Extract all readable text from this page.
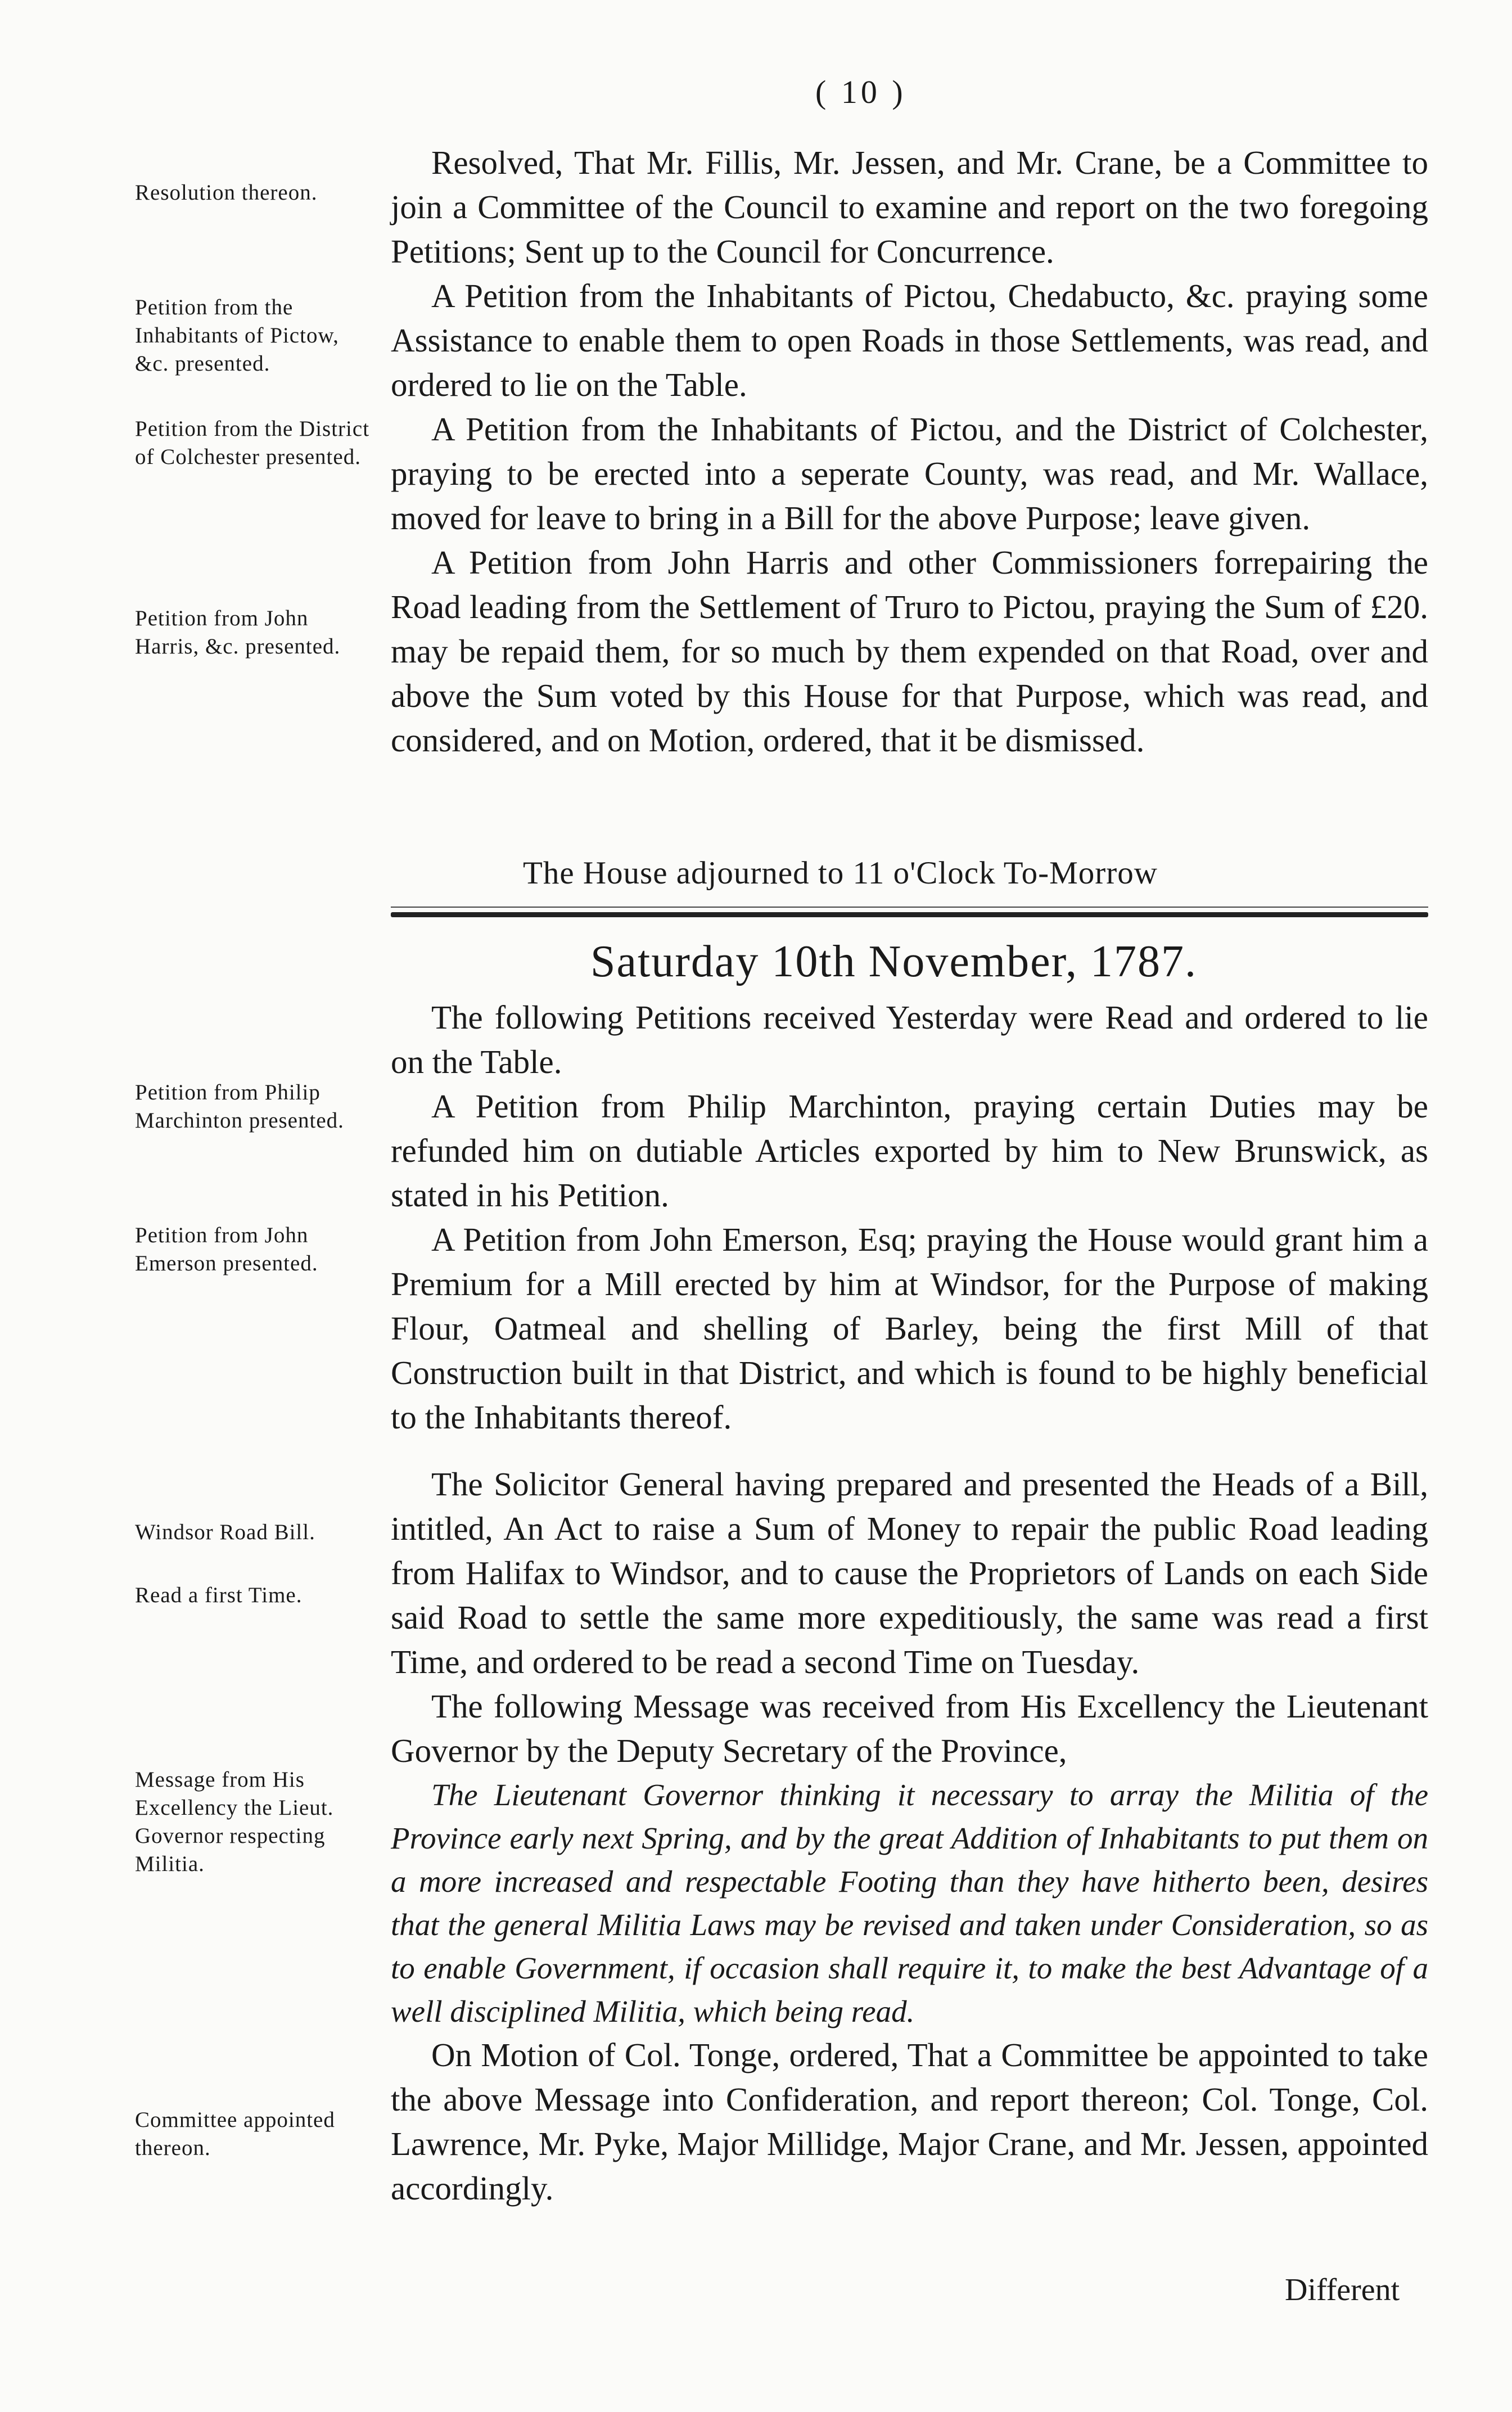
( 10 )
Resolution thereon.
Petition from the Inhabitants of Pictow, &c. presented.
Petition from the District of Colchester presented.
Petition from John Harris, &c. presented.
Petition from Philip Marchinton presented.
Petition from John Emerson presented.
Windsor Road Bill.
Read a first Time.
Message from His Excellency the Lieut. Governor respecting Militia.
Committee appointed thereon.

Resolved, That Mr. Fillis, Mr. Jessen, and Mr. Crane, be a Committee to join a Committee of the Council to examine and report on the two foregoing Petitions; Sent up to the Council for Concurrence.

A Petition from the Inhabitants of Pictou, Chedabucto, &c. praying some Assistance to enable them to open Roads in those Settlements, was read, and ordered to lie on the Table.

A Petition from the Inhabitants of Pictou, and the District of Colchester, praying to be erected into a seperate County, was read, and Mr. Wallace, moved for leave to bring in a Bill for the above Purpose; leave given.

A Petition from John Harris and other Commissioners forrepairing the Road leading from the Settlement of Truro to Pictou, praying the Sum of £20. may be repaid them, for so much by them expended on that Road, over and above the Sum voted by this House for that Purpose, which was read, and considered, and on Motion, ordered, that it be dismissed.

The House adjourned to 11 o'Clock To-Morrow
Saturday 10th November, 1787.

The following Petitions received Yesterday were Read and ordered to lie on the Table.

A Petition from Philip Marchinton, praying certain Duties may be refunded him on dutiable Articles exported by him to New Brunswick, as stated in his Petition.

A Petition from John Emerson, Esq; praying the House would grant him a Premium for a Mill erected by him at Windsor, for the Purpose of making Flour, Oatmeal and shelling of Barley, being the first Mill of that Construction built in that District, and which is found to be highly beneficial to the Inhabitants thereof.

The Solicitor General having prepared and presented the Heads of a Bill, intitled, An Act to raise a Sum of Money to repair the public Road leading from Halifax to Windsor, and to cause the Proprietors of Lands on each Side said Road to settle the same more expeditiously, the same was read a first Time, and ordered to be read a second Time on Tuesday.

The following Message was received from His Excellency the Lieutenant Governor by the Deputy Secretary of the Province,

The Lieutenant Governor thinking it necessary to array the Militia of the Province early next Spring, and by the great Addition of Inhabitants to put them on a more increased and respectable Footing than they have hitherto been, desires that the general Militia Laws may be revised and taken under Consideration, so as to enable Government, if occasion shall require it, to make the best Advantage of a well disciplined Militia, which being read.

On Motion of Col. Tonge, ordered, That a Committee be appointed to take the above Message into Confideration, and report thereon; Col. Tonge, Col. Lawrence, Mr. Pyke, Major Millidge, Major Crane, and Mr. Jessen, appointed accordingly.

Different
